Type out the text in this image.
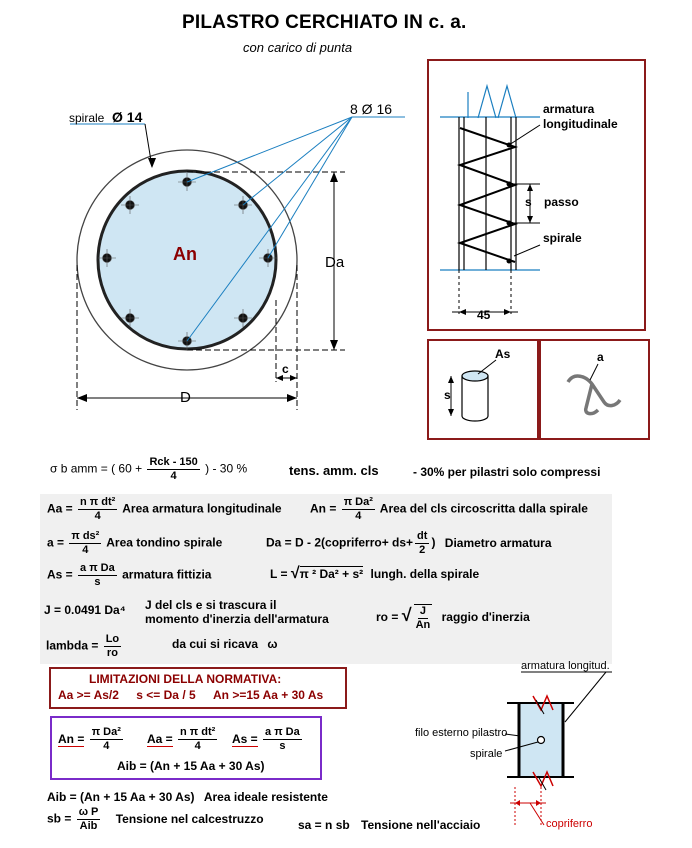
PILASTRO CERCHIATO IN c. a.
con carico di punta
spirale Ø 14	8 Ø 16
An	Da
D
c
armatura
longitudinale
s passo
spirale
45
As
s
a
σ b amm = ( $60 + \frac{\text{Rck - 150}}{4}$ ) - 30 %	tens. amm. cls	- 30% per pilastri solo compressi
$Aa = \frac{\text{n π dt²}}{4}$ Area armatura longitudinale $An = \frac{\text{π Da²}}{4}$ Area del cls circoscritta dalla spirale
$a = \frac{\text{π ds²}}{4}$ Area tondino spirale	Da = D - 2(copriferro+ $ds+ \frac{dt}{2}$ ) Diametro armatura
$As = \frac{\text{a π Da}}{s}$ armatura fittizia	L = √π ² Da² + s² lungh. della spirale
J = 0.0491 Da⁴ J del cls e si trascura il
momento d'inerzia dell'armatura	ro = √ $\frac{J}{An}$ raggio d'inerzia
lambda = $\frac{Lo}{ro}$	da cui si ricava ω
LIMITAZIONI DELLA NORMATIVA:
Aa >= As/2 s <= Da / 5 An >=15 Aa + 30 As
$An = \frac{\text{π Da²}}{4}$ $Aa = \frac{\text{n π dt²}}{4}$ $As = \frac{\text{a π Da}}{s}$
Aib = (An + 15 Aa + 30 As)
Aib = (An + 15 Aa + 30 As) Area ideale resistente
sb = $\frac{\text{ω P}}{\text{Aib}}$ Tensione nel calcestruzzo	sa = n sb Tensione nell'acciaio
armatura longitud.
filo esterno pilastro
spirale
copriferro
